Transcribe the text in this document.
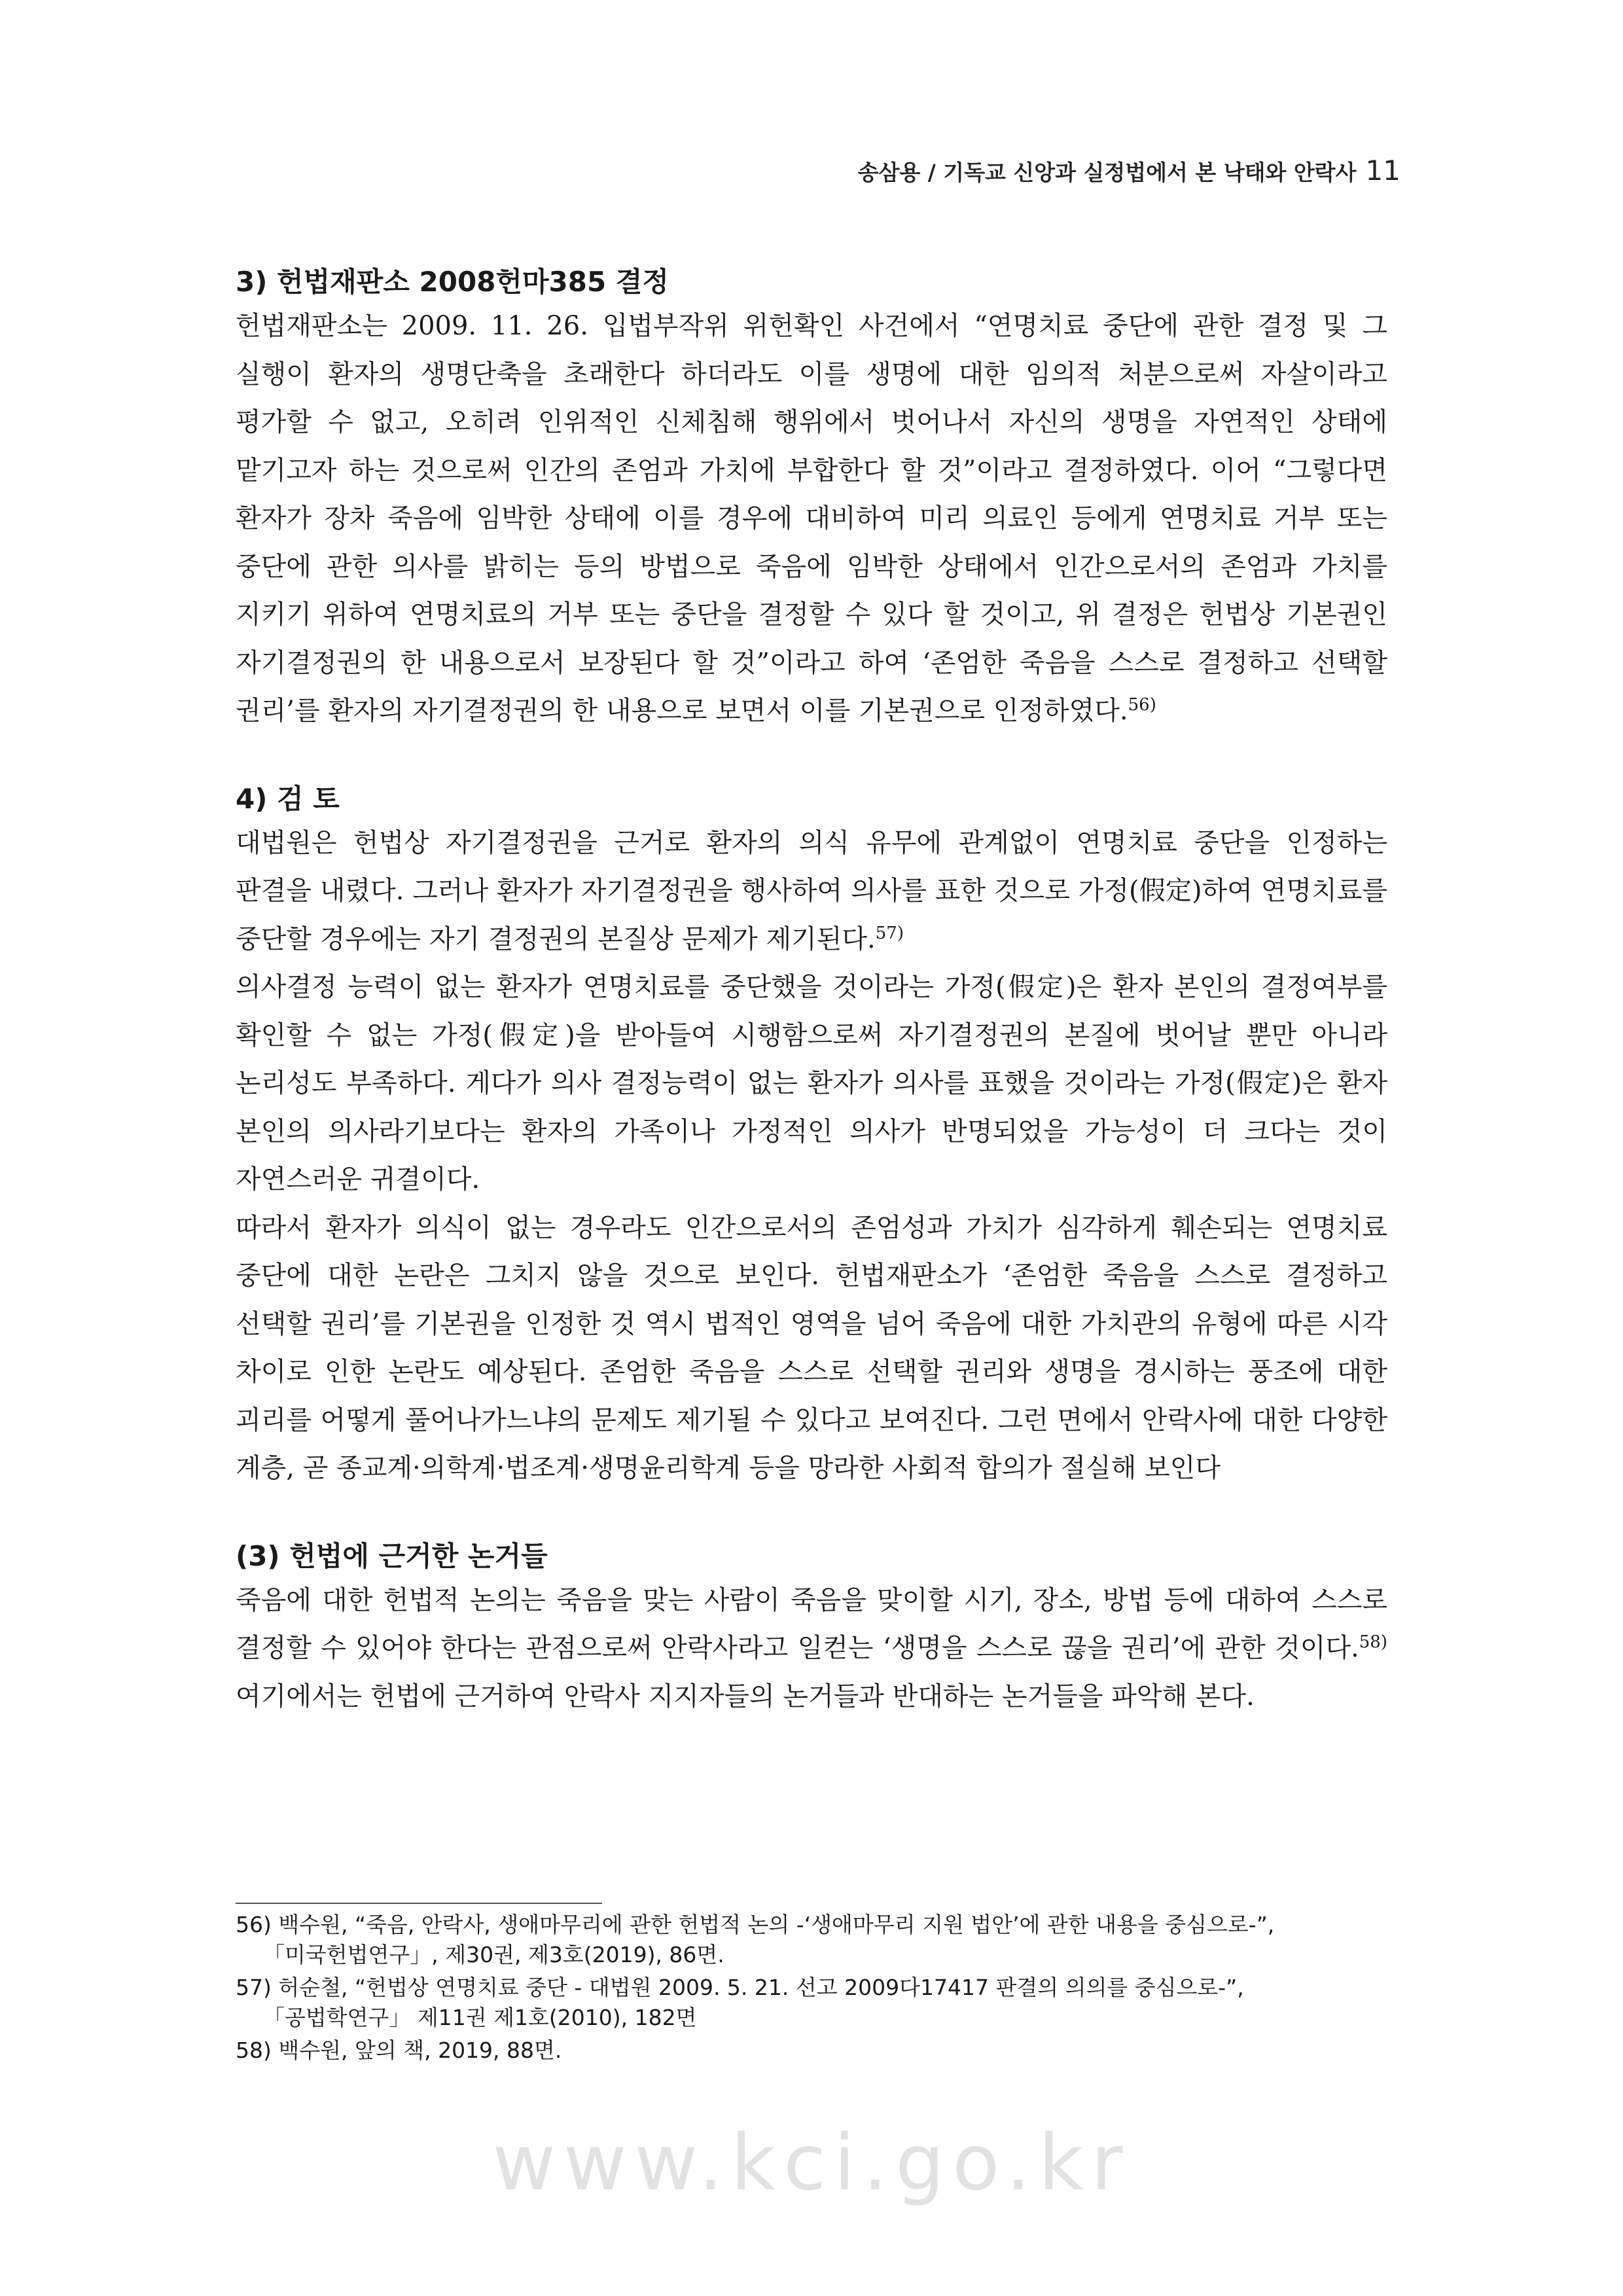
송삼용 / 기독교 신앙과 실정법에서 본 낙태와 안락사 11
3) 헌법재판소 2008헌마385 결정

헌법재판소는 2009. 11. 26. 입법부작위 위헌확인 사건에서 “연명치료 중단에 관한 결정 및 그 실행이 환자의 생명단축을 초래한다 하더라도 이를 생명에 대한 임의적 처분으로써 자살이라고 평가할 수 없고, 오히려 인위적인 신체침해 행위에서 벗어나서 자신의 생명을 자연적인 상태에 맡기고자 하는 것으로써 인간의 존엄과 가치에 부합한다 할 것”이라고 결정하였다. 이어 “그렇다면 환자가 장차 죽음에 임박한 상태에 이를 경우에 대비하여 미리 의료인 등에게 연명치료 거부 또는 중단에 관한 의사를 밝히는 등의 방법으로 죽음에 임박한 상태에서 인간으로서의 존엄과 가치를 지키기 위하여 연명치료의 거부 또는 중단을 결정할 수 있다 할 것이고, 위 결정은 헌법상 기본권인 자기결정권의 한 내용으로서 보장된다 할 것”이라고 하여 ‘존엄한 죽음을 스스로 결정하고 선택할 권리’를 환자의 자기결정권의 한 내용으로 보면서 이를 기본권으로 인정하였다.$^{56)}$

4) 검 토

대법원은 헌법상 자기결정권을 근거로 환자의 의식 유무에 관계없이 연명치료 중단을 인정하는 판결을 내렸다. 그러나 환자가 자기결정권을 행사하여 의사를 표한 것으로 가정(假定)하여 연명치료를 중단할 경우에는 자기 결정권의 본질상 문제가 제기된다.$^{57)}$

의사결정 능력이 없는 환자가 연명치료를 중단했을 것이라는 가정(假定)은 환자 본인의 결정여부를 확인할 수 없는 가정(假定)을 받아들여 시행함으로써 자기결정권의 본질에 벗어날 뿐만 아니라 논리성도 부족하다. 게다가 의사 결정능력이 없는 환자가 의사를 표했을 것이라는 가정(假定)은 환자 본인의 의사라기보다는 환자의 가족이나 가정적인 의사가 반명되었을 가능성이 더 크다는 것이 자연스러운 귀결이다.

따라서 환자가 의식이 없는 경우라도 인간으로서의 존엄성과 가치가 심각하게 훼손되는 연명치료 중단에 대한 논란은 그치지 않을 것으로 보인다. 헌법재판소가 ‘존엄한 죽음을 스스로 결정하고 선택할 권리’를 기본권을 인정한 것 역시 법적인 영역을 넘어 죽음에 대한 가치관의 유형에 따른 시각 차이로 인한 논란도 예상된다. 존엄한 죽음을 스스로 선택할 권리와 생명을 경시하는 풍조에 대한 괴리를 어떻게 풀어나가느냐의 문제도 제기될 수 있다고 보여진다. 그런 면에서 안락사에 대한 다양한 계층, 곧 종교계·의학계·법조계·생명윤리학계 등을 망라한 사회적 합의가 절실해 보인다

(3) 헌법에 근거한 논거들

죽음에 대한 헌법적 논의는 죽음을 맞는 사람이 죽음을 맞이할 시기, 장소, 방법 등에 대하여 스스로 결정할 수 있어야 한다는 관점으로써 안락사라고 일컫는 ‘생명을 스스로 끊을 권리’에 관한 것이다.$^{58)}$ 여기에서는 헌법에 근거하여 안락사 지지자들의 논거들과 반대하는 논거들을 파악해 본다.

56) 백수원, “죽음, 안락사, 생애마무리에 관한 헌법적 논의 -‘생애마무리 지원 법안’에 관한 내용을 중심으로-”, 「미국헌법연구」, 제30권, 제3호(2019), 86면.

57) 허순철, “헌법상 연명치료 중단 - 대법원 2009. 5. 21. 선고 2009다17417 판결의 의의를 중심으로-”, 「공법학연구」 제11권 제1호(2010), 182면

58) 백수원, 앞의 책, 2019, 88면.

www.kci.go.kr
